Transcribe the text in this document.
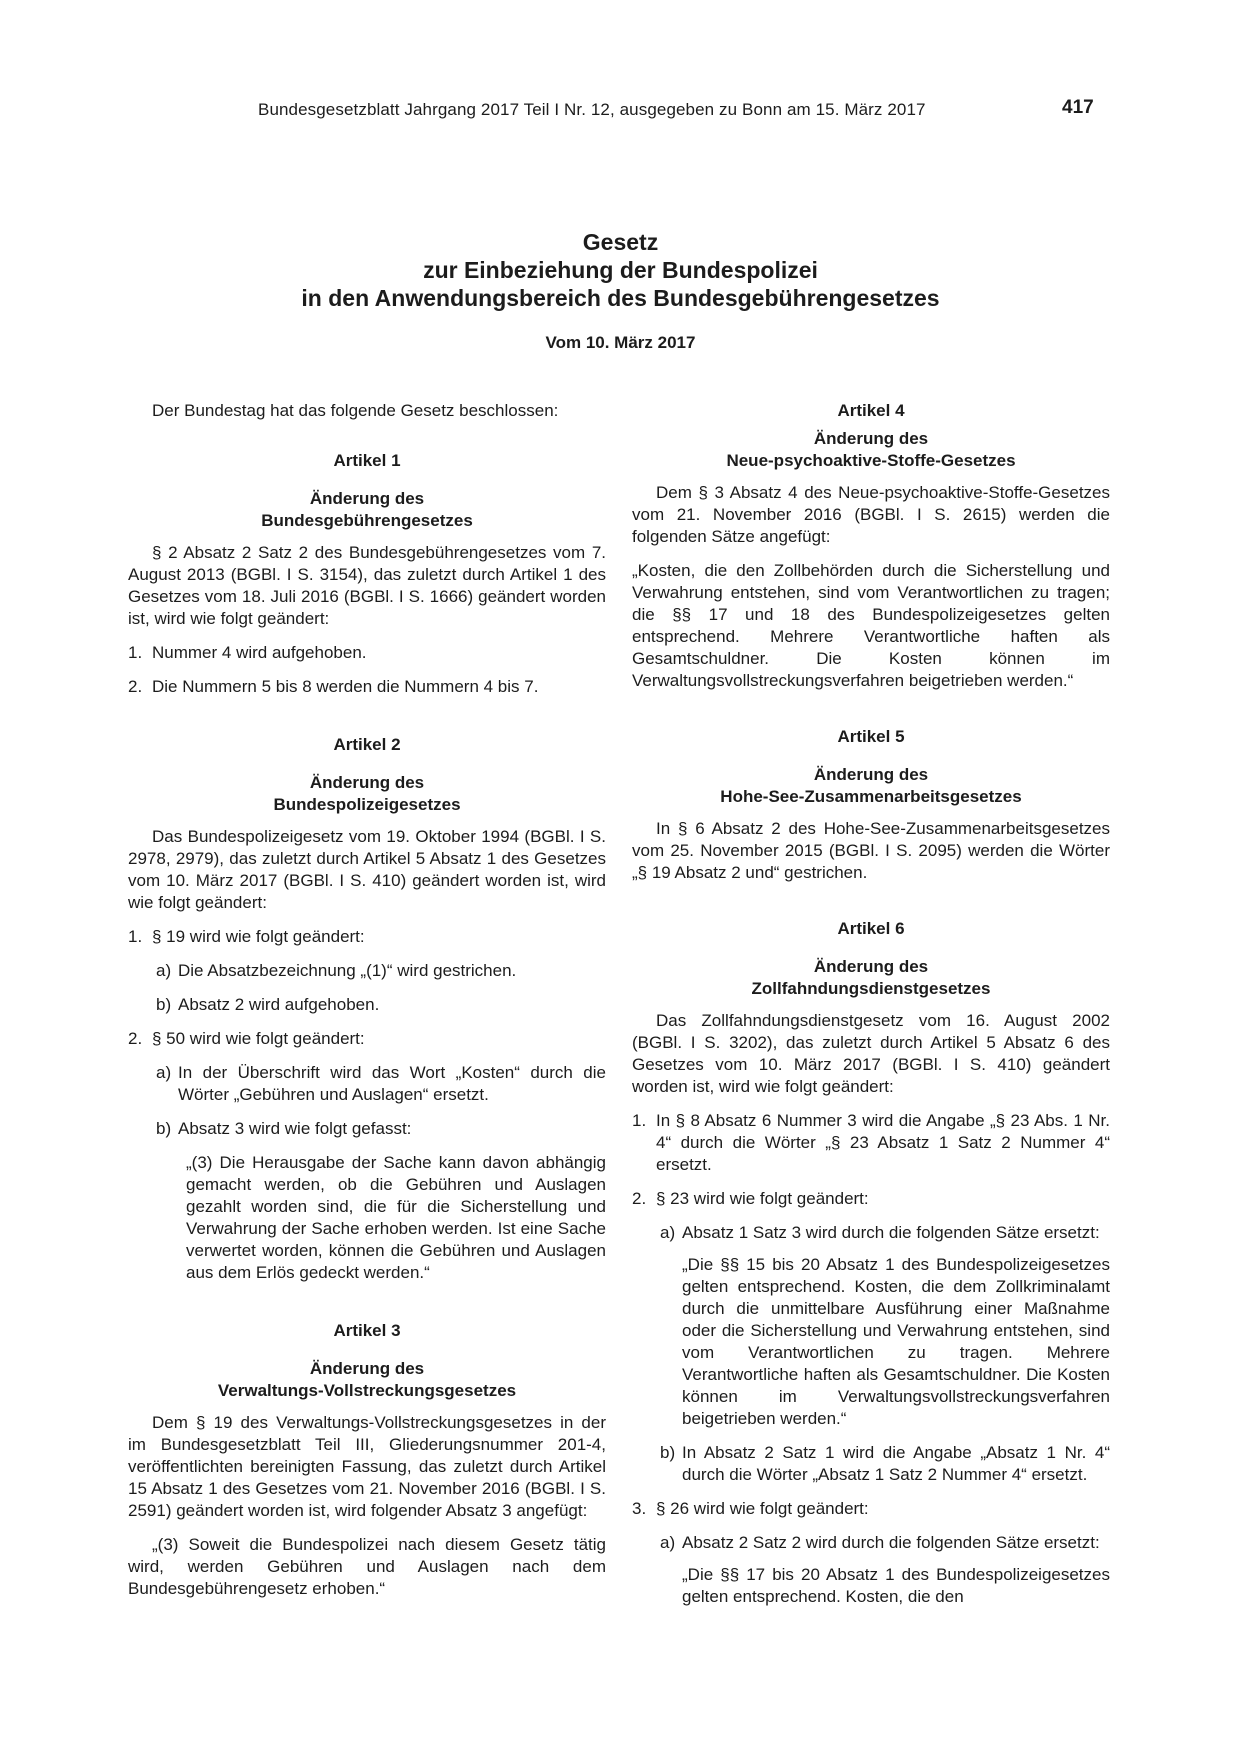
Bundesgesetzblatt Jahrgang 2017 Teil I Nr. 12, ausgegeben zu Bonn am 15. März 2017	417
Gesetz
zur Einbeziehung der Bundespolizei
in den Anwendungsbereich des Bundesgebührengesetzes
Vom 10. März 2017

Der Bundestag hat das folgende Gesetz beschlossen:

Artikel 1

Änderung des
Bundesgebührengesetzes

§ 2 Absatz 2 Satz 2 des Bundesgebührengesetzes vom 7. August 2013 (BGBl. I S. 3154), das zuletzt durch Artikel 1 des Gesetzes vom 18. Juli 2016 (BGBl. I S. 1666) geändert worden ist, wird wie folgt geändert:

1. Nummer 4 wird aufgehoben.
2. Die Nummern 5 bis 8 werden die Nummern 4 bis 7.

Artikel 2

Änderung des
Bundespolizeigesetzes

Das Bundespolizeigesetz vom 19. Oktober 1994 (BGBl. I S. 2978, 2979), das zuletzt durch Artikel 5 Absatz 1 des Gesetzes vom 10. März 2017 (BGBl. I S. 410) geändert worden ist, wird wie folgt geändert:

1. § 19 wird wie folgt geändert:
a) Die Absatzbezeichnung „(1)“ wird gestrichen.
b) Absatz 2 wird aufgehoben.
2. § 50 wird wie folgt geändert:
a) In der Überschrift wird das Wort „Kosten“ durch die Wörter „Gebühren und Auslagen“ ersetzt.
b) Absatz 3 wird wie folgt gefasst:

„(3) Die Herausgabe der Sache kann davon abhängig gemacht werden, ob die Gebühren und Auslagen gezahlt worden sind, die für die Sicherstellung und Verwahrung der Sache erhoben werden. Ist eine Sache verwertet worden, können die Gebühren und Auslagen aus dem Erlös gedeckt werden.“

Artikel 3

Änderung des
Verwaltungs-Vollstreckungsgesetzes

Dem § 19 des Verwaltungs-Vollstreckungsgesetzes in der im Bundesgesetzblatt Teil III, Gliederungsnummer 201-4, veröffentlichten bereinigten Fassung, das zuletzt durch Artikel 15 Absatz 1 des Gesetzes vom 21. November 2016 (BGBl. I S. 2591) geändert worden ist, wird folgender Absatz 3 angefügt:

„(3) Soweit die Bundespolizei nach diesem Gesetz tätig wird, werden Gebühren und Auslagen nach dem Bundesgebührengesetz erhoben.“

Artikel 4

Änderung des
Neue-psychoaktive-Stoffe-Gesetzes

Dem § 3 Absatz 4 des Neue-psychoaktive-Stoffe-Gesetzes vom 21. November 2016 (BGBl. I S. 2615) werden die folgenden Sätze angefügt:

„Kosten, die den Zollbehörden durch die Sicherstellung und Verwahrung entstehen, sind vom Verantwortlichen zu tragen; die §§ 17 und 18 des Bundespolizeigesetzes gelten entsprechend. Mehrere Verantwortliche haften als Gesamtschuldner. Die Kosten können im Verwaltungsvollstreckungsverfahren beigetrieben werden.“

Artikel 5

Änderung des
Hohe-See-Zusammenarbeitsgesetzes

In § 6 Absatz 2 des Hohe-See-Zusammenarbeitsgesetzes vom 25. November 2015 (BGBl. I S. 2095) werden die Wörter „§ 19 Absatz 2 und“ gestrichen.

Artikel 6

Änderung des
Zollfahndungsdienstgesetzes

Das Zollfahndungsdienstgesetz vom 16. August 2002 (BGBl. I S. 3202), das zuletzt durch Artikel 5 Absatz 6 des Gesetzes vom 10. März 2017 (BGBl. I S. 410) geändert worden ist, wird wie folgt geändert:

1. In § 8 Absatz 6 Nummer 3 wird die Angabe „§ 23 Abs. 1 Nr. 4“ durch die Wörter „§ 23 Absatz 1 Satz 2 Nummer 4“ ersetzt.
2. § 23 wird wie folgt geändert:
a) Absatz 1 Satz 3 wird durch die folgenden Sätze ersetzt:

„Die §§ 15 bis 20 Absatz 1 des Bundespolizeigesetzes gelten entsprechend. Kosten, die dem Zollkriminalamt durch die unmittelbare Ausführung einer Maßnahme oder die Sicherstellung und Verwahrung entstehen, sind vom Verantwortlichen zu tragen. Mehrere Verantwortliche haften als Gesamtschuldner. Die Kosten können im Verwaltungsvollstreckungsverfahren beigetrieben werden.“

b) In Absatz 2 Satz 1 wird die Angabe „Absatz 1 Nr. 4“ durch die Wörter „Absatz 1 Satz 2 Nummer 4“ ersetzt.
3. § 26 wird wie folgt geändert:
a) Absatz 2 Satz 2 wird durch die folgenden Sätze ersetzt:

„Die §§ 17 bis 20 Absatz 1 des Bundespolizeigesetzes gelten entsprechend. Kosten, die den
